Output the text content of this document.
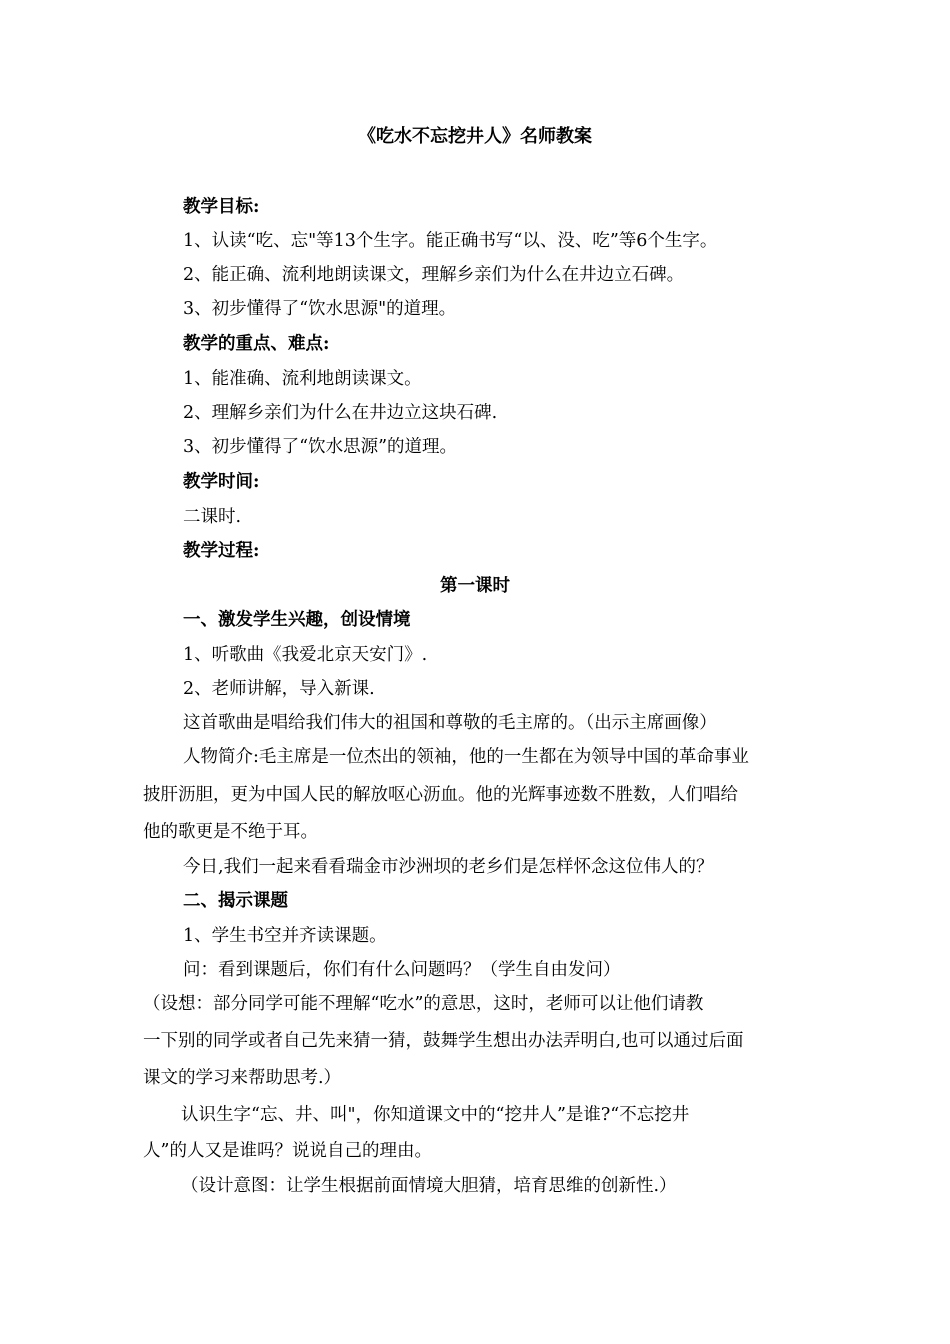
《吃水不忘挖井人》名师教案
教学目标:
1、认读“吃、忘"等13个生字。能正确书写“以、没、吃”等6个生字。
2、能正确、流利地朗读课文，理解乡亲们为什么在井边立石碑。
3、初步懂得了“饮水思源"的道理。
教学的重点、难点:
1、能准确、流利地朗读课文。
2、理解乡亲们为什么在井边立这块石碑.
3、初步懂得了“饮水思源”的道理。
教学时间:
二课时.
教学过程:
第一课时
一、激发学生兴趣，创设情境
1、听歌曲《我爱北京天安门》.
2、老师讲解，导入新课.
这首歌曲是唱给我们伟大的祖国和尊敬的毛主席的。（出示主席画像）
人物简介:毛主席是一位杰出的领袖，他的一生都在为领导中国的革命事业
披肝沥胆，更为中国人民的解放呕心沥血。他的光辉事迹数不胜数，人们唱给
他的歌更是不绝于耳。
今日,我们一起来看看瑞金市沙洲坝的老乡们是怎样怀念这位伟人的？
二、揭示课题
1、学生书空并齐读课题。
问：看到课题后，你们有什么问题吗？（学生自由发问）
（设想：部分同学可能不理解“吃水”的意思，这时，老师可以让他们请教
一下别的同学或者自己先来猜一猜，鼓舞学生想出办法弄明白,也可以通过后面
课文的学习来帮助思考.）
认识生字“忘、井、叫"，你知道课文中的“挖井人”是谁?“不忘挖井
人”的人又是谁吗？说说自己的理由。
（设计意图：让学生根据前面情境大胆猜，培育思维的创新性.）
